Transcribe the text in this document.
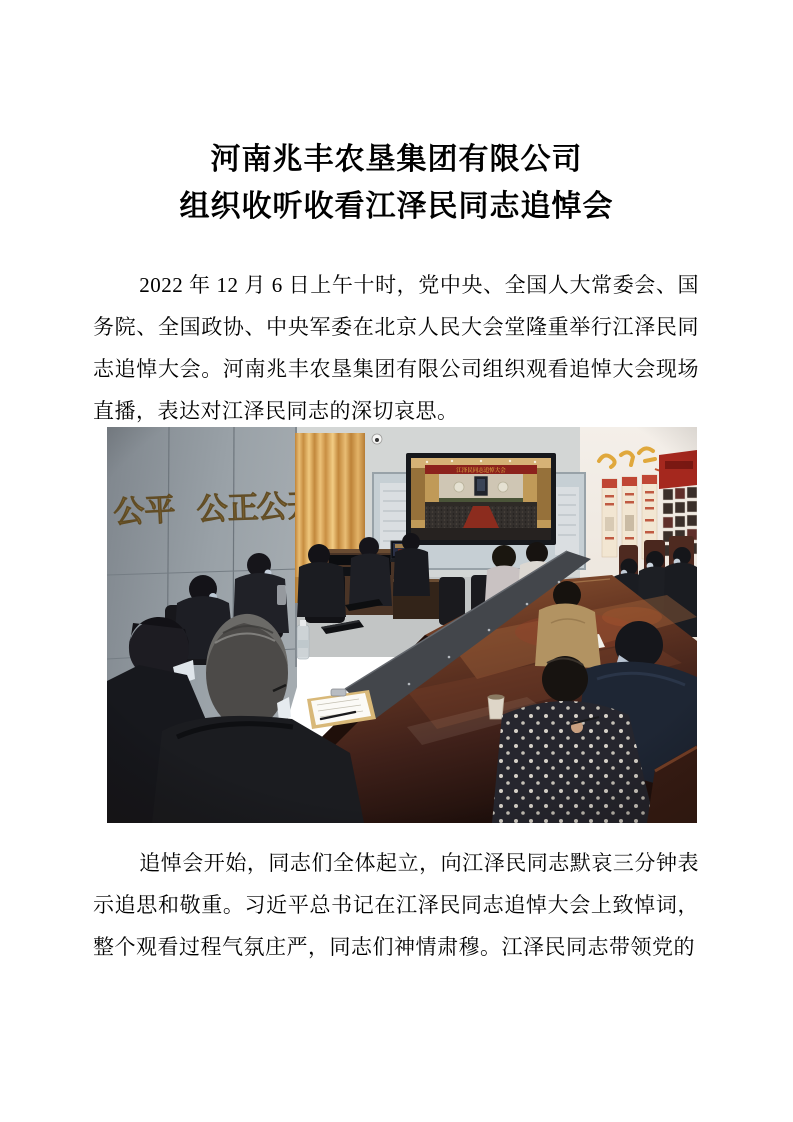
河南兆丰农垦集团有限公司
组织收听收看江泽民同志追悼会

2022 年 12 月 6 日上午十时，党中央、全国人大常委会、国务院、全国政协、中央军委在北京人民大会堂隆重举行江泽民同志追悼大会。河南兆丰农垦集团有限公司组织观看追悼大会现场直播，表达对江泽民同志的深切哀思。

追悼会开始，同志们全体起立，向江泽民同志默哀三分钟表示追思和敬重。习近平总书记在江泽民同志追悼大会上致悼词，整个观看过程气氛庄严，同志们神情肃穆。江泽民同志带领党的
